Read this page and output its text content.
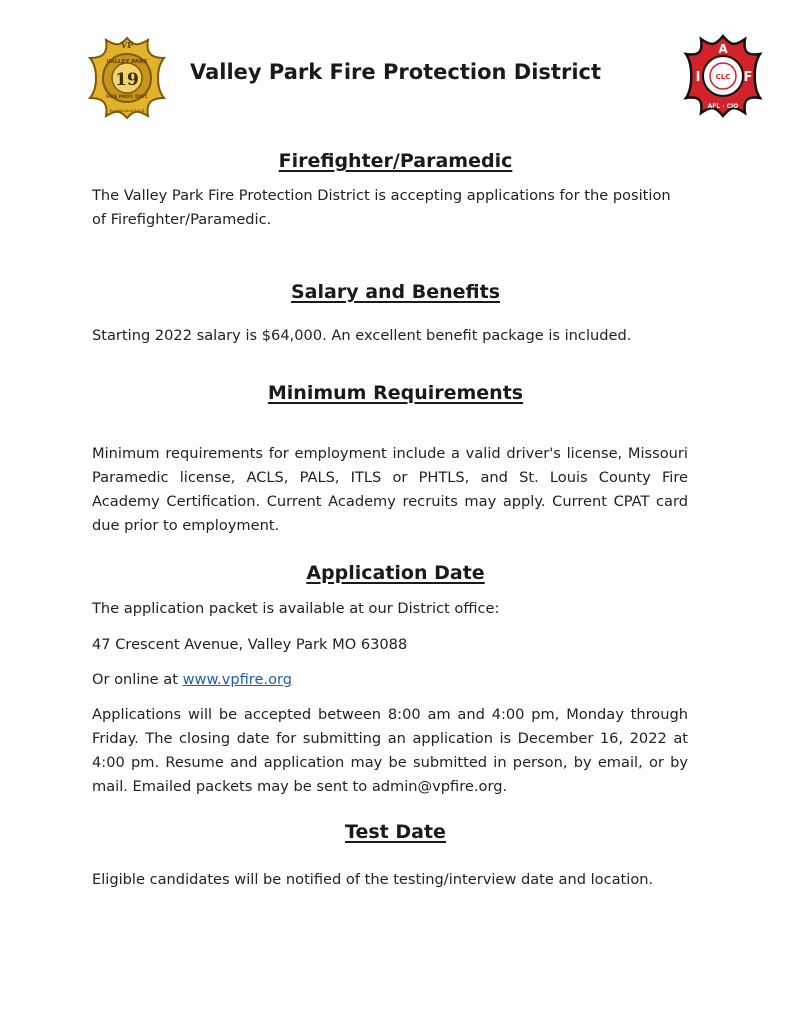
VP
VALLEY PARK
19
FIRE PROT. DIST.
Established 1934
Valley Park Fire Protection District
A
I	F
AFL · CIO
CLC
Firefighter/Paramedic
The Valley Park Fire Protection District is accepting applications for the position of Firefighter/Paramedic.
Salary and Benefits
Starting 2022 salary is $64,000. An excellent benefit package is included.
Minimum Requirements
Minimum requirements for employment include a valid driver's license, Missouri Paramedic license, ACLS, PALS, ITLS or PHTLS, and St. Louis County Fire Academy Certification. Current Academy recruits may apply. Current CPAT card due prior to employment.
Application Date
The application packet is available at our District office:
47 Crescent Avenue, Valley Park MO 63088
Or online at www.vpfire.org
Applications will be accepted between 8:00 am and 4:00 pm, Monday through Friday. The closing date for submitting an application is December 16, 2022 at 4:00 pm. Resume and application may be submitted in person, by email, or by mail. Emailed packets may be sent to admin@vpfire.org.
Test Date
Eligible candidates will be notified of the testing/interview date and location.
